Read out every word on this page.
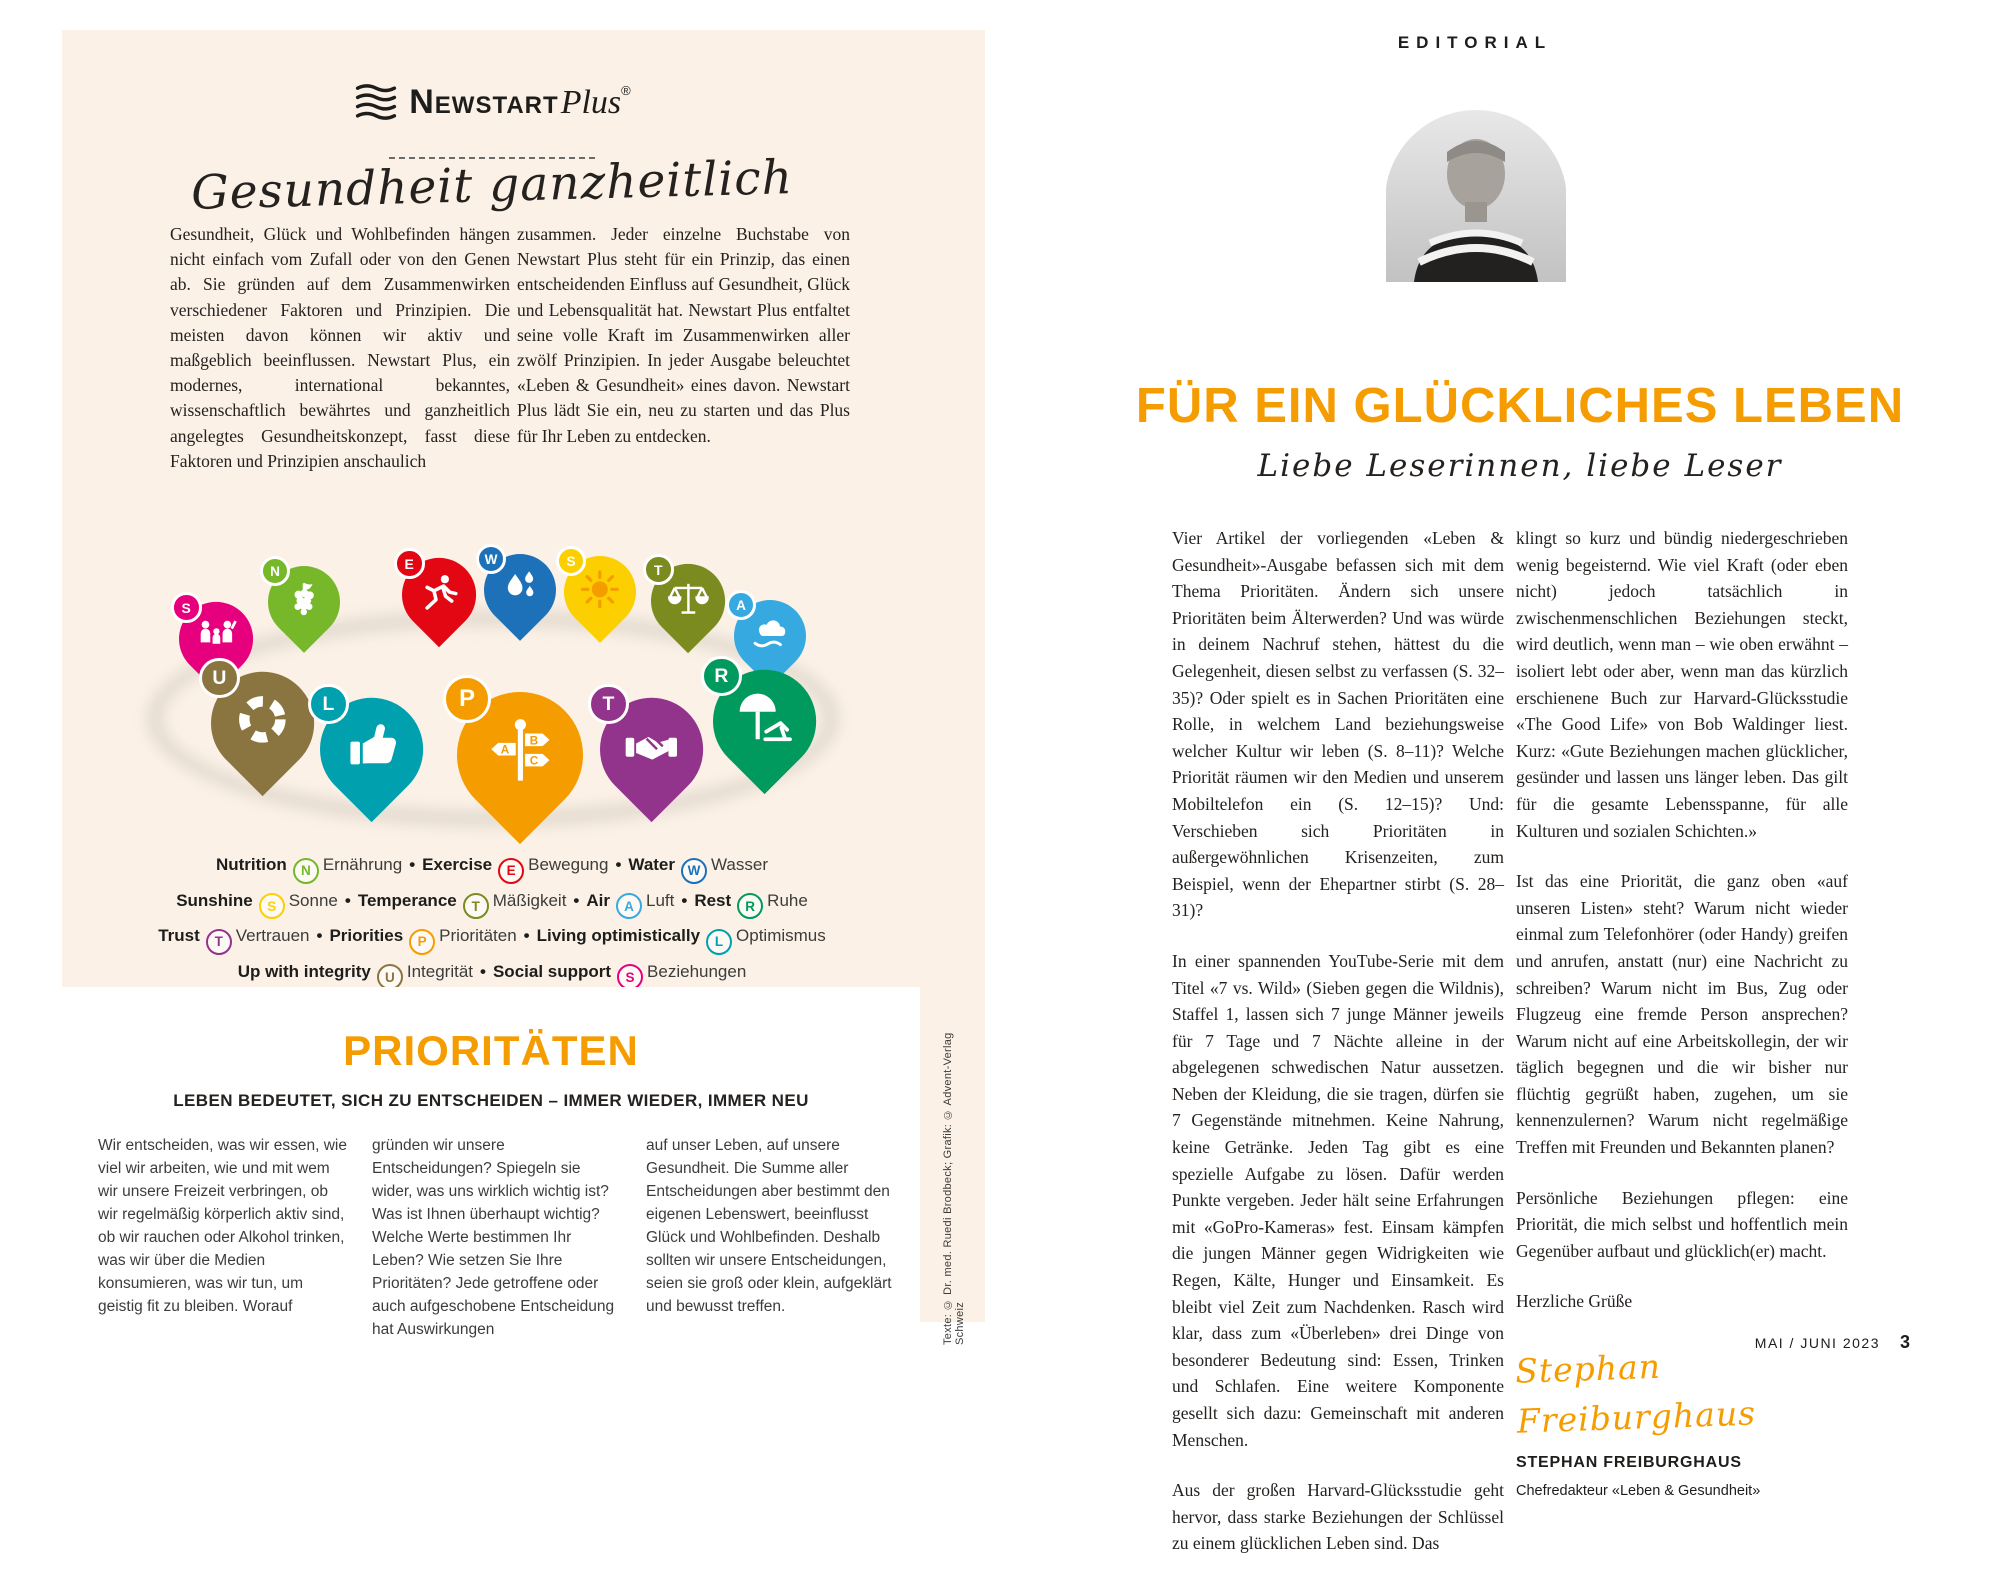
NewstartPlus®
Gesundheit ganzheitlich
Gesundheit, Glück und Wohlbefinden hängen nicht einfach vom Zufall oder von den Genen ab. Sie gründen auf dem Zusammenwirken verschiedener Faktoren und Prinzipien. Die meisten davon können wir aktiv und maßgeblich beeinflussen. Newstart Plus, ein modernes, international bekanntes, wissenschaftlich bewährtes und ganzheitlich angelegtes Gesundheitskonzept, fasst diese Faktoren und Prinzipien anschaulich
zusammen. Jeder einzelne Buchstabe von Newstart Plus steht für ein Prinzip, das einen entscheidenden Einfluss auf Gesundheit, Glück und Lebensqualität hat. Newstart Plus entfaltet seine volle Kraft im Zusammenwirken aller zwölf Prinzipien. In jeder Ausgabe beleuchtet «Leben & Gesundheit» eines davon. Newstart Plus lädt Sie ein, neu zu starten und das Plus für Ihr Leben zu entdecken.
S
N	E	W	S
T
A
U
L	P
A
B
C
T
R
Nutrition N Ernährung • Exercise E Bewegung • Water W Wasser
Sunshine S Sonne • Temperance T Mäßigkeit • Air A Luft • Rest R Ruhe
Trust T Vertrauen • Priorities P Prioritäten • Living optimistically L Optimismus
Up with integrity U Integrität • Social support S Beziehungen
PRIORITÄTEN
LEBEN BEDEUTET, SICH ZU ENTSCHEIDEN – IMMER WIEDER, IMMER NEU
Wir entscheiden, was wir essen, wie viel wir arbeiten, wie und mit wem wir unsere Freizeit verbringen, ob wir regelmäßig körperlich aktiv sind, ob wir rauchen oder Alkohol trinken, was wir über die Medien konsumieren, was wir tun, um geistig fit zu bleiben. Worauf
gründen wir unsere Entscheidungen? Spiegeln sie wider, was uns wirklich wichtig ist? Was ist Ihnen überhaupt wichtig? Welche Werte bestimmen Ihr Leben? Wie setzen Sie Ihre Prioritäten? Jede getroffene oder auch aufgeschobene Entscheidung hat Auswirkungen
auf unser Leben, auf unsere Gesundheit. Die Summe aller Entscheidungen aber bestimmt den eigenen Lebenswert, beeinflusst Glück und Wohlbefinden. Deshalb sollten wir unsere Entscheidungen, seien sie groß oder klein, aufgeklärt und bewusst treffen.	Texte: © Dr. med. Ruedi Brodbeck; Grafik: © Advent-Verlag Schweiz
EDITORIAL
FÜR EIN GLÜCKLICHES LEBEN
Liebe Leserinnen, liebe Leser

Vier Artikel der vorliegenden «Leben & Gesundheit»-Ausgabe befassen sich mit dem Thema Prioritäten. Ändern sich unsere Prioritäten beim Älterwerden? Und was würde in deinem Nachruf stehen, hättest du die Gelegenheit, diesen selbst zu verfassen (S. 32–35)? Oder spielt es in Sachen Prioritäten eine Rolle, in welchem Land beziehungsweise welcher Kultur wir leben (S. 8–11)? Welche Priorität räumen wir den Medien und unserem Mobiltelefon ein (S. 12–15)? Und: Verschieben sich Prioritäten in außergewöhnlichen Krisenzeiten, zum Beispiel, wenn der Ehepartner stirbt (S. 28–31)?

In einer spannenden YouTube-Serie mit dem Titel «7 vs. Wild» (Sieben gegen die Wildnis), Staffel 1, lassen sich 7 junge Männer jeweils für 7 Tage und 7 Nächte alleine in der abgelegenen schwedischen Natur aussetzen. Neben der Kleidung, die sie tragen, dürfen sie 7 Gegenstände mitnehmen. Keine Nahrung, keine Getränke. Jeden Tag gibt es eine spezielle Aufgabe zu lösen. Dafür werden Punkte vergeben. Jeder hält seine Erfahrungen mit «GoPro-Kameras» fest. Einsam kämpfen die jungen Männer gegen Widrigkeiten wie Regen, Kälte, Hunger und Einsamkeit. Es bleibt viel Zeit zum Nachdenken. Rasch wird klar, dass zum «Überleben» drei Dinge von besonderer Bedeutung sind: Essen, Trinken und Schlafen. Eine weitere Komponente gesellt sich dazu: Gemeinschaft mit anderen Menschen.

Aus der großen Harvard-Glücksstudie geht hervor, dass starke Beziehungen der Schlüssel zu einem glücklichen Leben sind. Das

klingt so kurz und bündig niedergeschrieben wenig begeisternd. Wie viel Kraft (oder eben nicht) jedoch tatsächlich in zwischenmenschlichen Beziehungen steckt, wird deutlich, wenn man – wie oben erwähnt – isoliert lebt oder aber, wenn man das kürzlich erschienene Buch zur Harvard-Glücksstudie «The Good Life» von Bob Waldinger liest. Kurz: «Gute Beziehungen machen glücklicher, gesünder und lassen uns länger leben. Das gilt für die gesamte Lebensspanne, für alle Kulturen und sozialen Schichten.»

Ist das eine Priorität, die ganz oben «auf unseren Listen» steht? Warum nicht wieder einmal zum Telefonhörer (oder Handy) greifen und anrufen, anstatt (nur) eine Nachricht zu schreiben? Warum nicht im Bus, Zug oder Flugzeug eine fremde Person ansprechen? Warum nicht auf eine Arbeitskollegin, der wir täglich begegnen und die wir bisher nur flüchtig gegrüßt haben, zugehen, um sie kennenzulernen? Warum nicht regelmäßige Treffen mit Freunden und Bekannten planen?

Persönliche Beziehungen pflegen: eine Priorität, die mich selbst und hoffentlich mein Gegenüber aufbaut und glücklich(er) macht.

Herzliche Grüße

Stephan Freiburghaus
STEPHAN FREIBURGHAUS
Chefredakteur «Leben & Gesundheit»
MAI / JUNI 2023 3
